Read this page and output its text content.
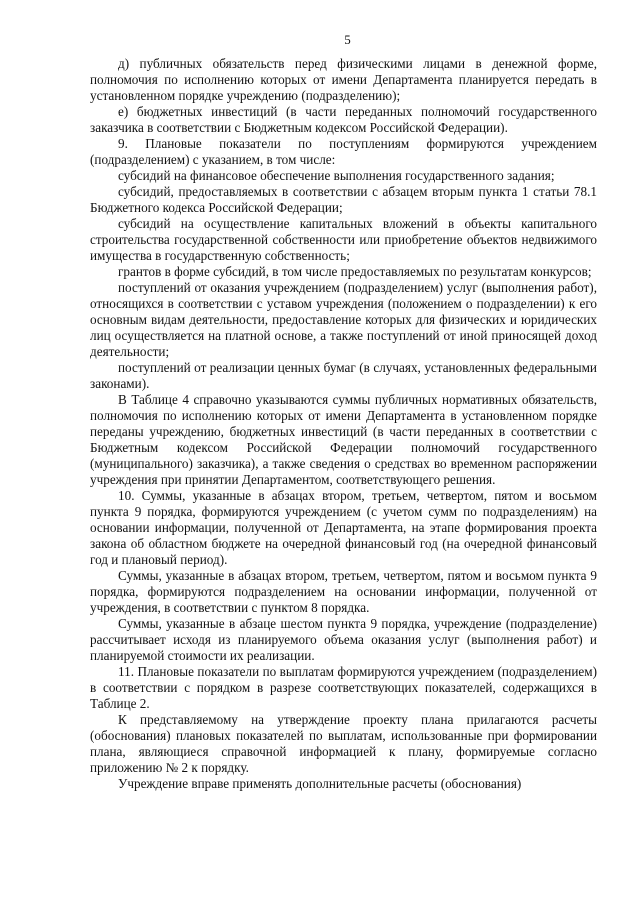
5

д) публичных обязательств перед физическими лицами в денежной форме, полномочия по исполнению которых от имени Департамента планируется передать в установленном порядке учреждению (подразделению);

е) бюджетных инвестиций (в части переданных полномочий государственного заказчика в соответствии с Бюджетным кодексом Российской Федерации).

9. Плановые показатели по поступлениям формируются учреждением (подразделением) с указанием, в том числе:

субсидий на финансовое обеспечение выполнения государственного задания;

субсидий, предоставляемых в соответствии с абзацем вторым пункта 1 статьи 78.1 Бюджетного кодекса Российской Федерации;

субсидий на осуществление капитальных вложений в объекты капитального строительства государственной собственности или приобретение объектов недвижимого имущества в государственную собственность;

грантов в форме субсидий, в том числе предоставляемых по результатам конкурсов;

поступлений от оказания учреждением (подразделением) услуг (выполнения работ), относящихся в соответствии с уставом учреждения (положением о подразделении) к его основным видам деятельности, предоставление которых для физических и юридических лиц осуществляется на платной основе, а также поступлений от иной приносящей доход деятельности;

поступлений от реализации ценных бумаг (в случаях, установленных федеральными законами).

В Таблице 4 справочно указываются суммы публичных нормативных обязательств, полномочия по исполнению которых от имени Департамента в установленном порядке переданы учреждению, бюджетных инвестиций (в части переданных в соответствии с Бюджетным кодексом Российской Федерации полномочий государственного (муниципального) заказчика), а также сведения о средствах во временном распоряжении учреждения при принятии Департаментом, соответствующего решения.

10. Суммы, указанные в абзацах втором, третьем, четвертом, пятом и восьмом пункта 9 порядка, формируются учреждением (с учетом сумм по подразделениям) на основании информации, полученной от Департамента, на этапе формирования проекта закона об областном бюджете на очередной финансовый год (на очередной финансовый год и плановый период).

Суммы, указанные в абзацах втором, третьем, четвертом, пятом и восьмом пункта 9 порядка, формируются подразделением на основании информации, полученной от учреждения, в соответствии с пунктом 8 порядка.

Суммы, указанные в абзаце шестом пункта 9 порядка, учреждение (подразделение) рассчитывает исходя из планируемого объема оказания услуг (выполнения работ) и планируемой стоимости их реализации.

11. Плановые показатели по выплатам формируются учреждением (подразделением) в соответствии с порядком в разрезе соответствующих показателей, содержащихся в Таблице 2.

К представляемому на утверждение проекту плана прилагаются расчеты (обоснования) плановых показателей по выплатам, использованные при формировании плана, являющиеся справочной информацией к плану, формируемые согласно приложению № 2 к порядку.

Учреждение вправе применять дополнительные расчеты (обоснования)
